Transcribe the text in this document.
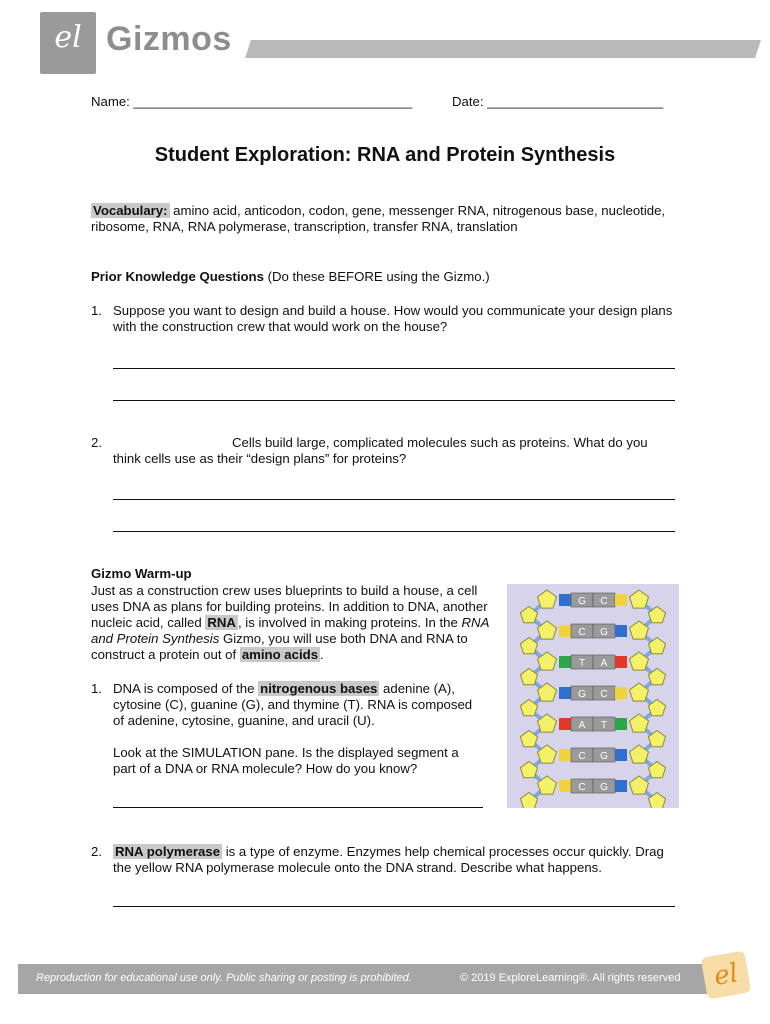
el Gizmos
Name: ______________________________________	Date: ________________________
Student Exploration: RNA and Protein Synthesis
Vocabulary: amino acid, anticodon, codon, gene, messenger RNA, nitrogenous base, nucleotide, ribosome, RNA, RNA polymerase, transcription, transfer RNA, translation
Prior Knowledge Questions (Do these BEFORE using the Gizmo.)
1. Suppose you want to design and build a house. How would you communicate your design plans with the construction crew that would work on the house?
2.	Cells build large, complicated molecules such as proteins. What do you think cells use as their “design plans” for proteins?
Gizmo Warm-up
Just as a construction crew uses blueprints to build a house, a cell uses DNA as plans for building proteins. In addition to DNA, another nucleic acid, called RNA , is involved in making proteins. In the RNA and Protein Synthesis Gizmo, you will use both DNA and RNA to construct a protein out of amino acids .
1. DNA is composed of the nitrogenous bases adenine (A), cytosine (C), guanine (G), and thymine (T). RNA is composed of adenine, cytosine, guanine, and uracil (U).
Look at the SIMULATION pane. Is the displayed segment a part of a DNA or RNA molecule? How do you know?
G C
C G
T A
G C
A T
C G
C G
2. RNA polymerase is a type of enzyme. Enzymes help chemical processes occur quickly. Drag the yellow RNA polymerase molecule onto the DNA strand. Describe what happens.
Reproduction for educational use only. Public sharing or posting is prohibited.	© 2019 ExploreLearning®. All rights reserved	el
